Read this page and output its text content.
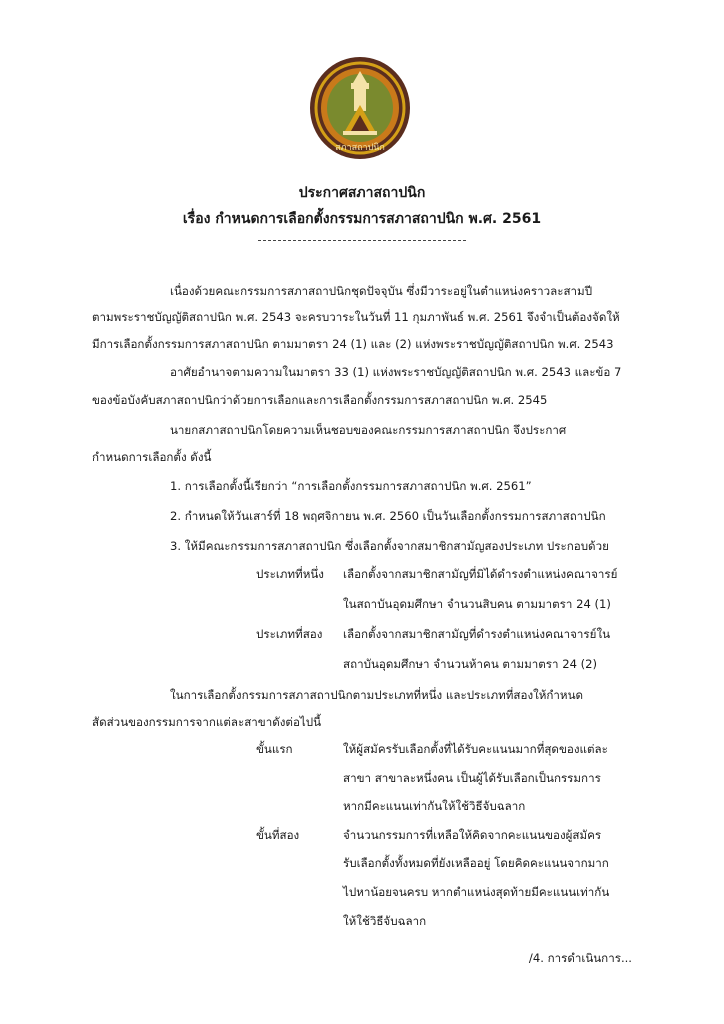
สภาสถาปนิก
ประกาศสภาสถาปนิก
เรื่อง กำหนดการเลือกตั้งกรรมการสภาสถาปนิก พ.ศ. 2561
เนื่องด้วยคณะกรรมการสภาสถาปนิกชุดปัจจุบัน ซึ่งมีวาระอยู่ในตำแหน่งคราวละสามปี
ตามพระราชบัญญัติสถาปนิก พ.ศ. 2543 จะครบวาระในวันที่ 11 กุมภาพันธ์ พ.ศ. 2561 จึงจำเป็นต้องจัดให้
มีการเลือกตั้งกรรมการสภาสถาปนิก ตามมาตรา 24 (1) และ (2) แห่งพระราชบัญญัติสถาปนิก พ.ศ. 2543
อาศัยอำนาจตามความในมาตรา 33 (1) แห่งพระราชบัญญัติสถาปนิก พ.ศ. 2543 และข้อ 7
ของข้อบังคับสภาสถาปนิกว่าด้วยการเลือกและการเลือกตั้งกรรมการสภาสถาปนิก พ.ศ. 2545
นายกสภาสถาปนิกโดยความเห็นชอบของคณะกรรมการสภาสถาปนิก จึงประกาศ
กำหนดการเลือกตั้ง ดังนี้
1. การเลือกตั้งนี้เรียกว่า “การเลือกตั้งกรรมการสภาสถาปนิก พ.ศ. 2561”
2. กำหนดให้วันเสาร์ที่ 18 พฤศจิกายน พ.ศ. 2560 เป็นวันเลือกตั้งกรรมการสภาสถาปนิก
3. ให้มีคณะกรรมการสภาสถาปนิก ซึ่งเลือกตั้งจากสมาชิกสามัญสองประเภท ประกอบด้วย
ประเภทที่หนึ่ง เลือกตั้งจากสมาชิกสามัญที่มิได้ดำรงตำแหน่งคณาจารย์
ในสถาบันอุดมศึกษา จำนวนสิบคน ตามมาตรา 24 (1)
ประเภทที่สอง เลือกตั้งจากสมาชิกสามัญที่ดำรงตำแหน่งคณาจารย์ใน
สถาบันอุดมศึกษา จำนวนห้าคน ตามมาตรา 24 (2)
ในการเลือกตั้งกรรมการสภาสถาปนิกตามประเภทที่หนึ่ง และประเภทที่สองให้กำหนด
สัดส่วนของกรรมการจากแต่ละสาขาดังต่อไปนี้
ขั้นแรก	ให้ผู้สมัครรับเลือกตั้งที่ได้รับคะแนนมากที่สุดของแต่ละ
สาขา สาขาละหนึ่งคน เป็นผู้ได้รับเลือกเป็นกรรมการ
หากมีคะแนนเท่ากันให้ใช้วิธีจับฉลาก
ขั้นที่สอง	จำนวนกรรมการที่เหลือให้คิดจากคะแนนของผู้สมัคร
รับเลือกตั้งทั้งหมดที่ยังเหลืออยู่ โดยคิดคะแนนจากมาก
ไปหาน้อยจนครบ หากตำแหน่งสุดท้ายมีคะแนนเท่ากัน
ให้ใช้วิธีจับฉลาก
/4. การดำเนินการ...
